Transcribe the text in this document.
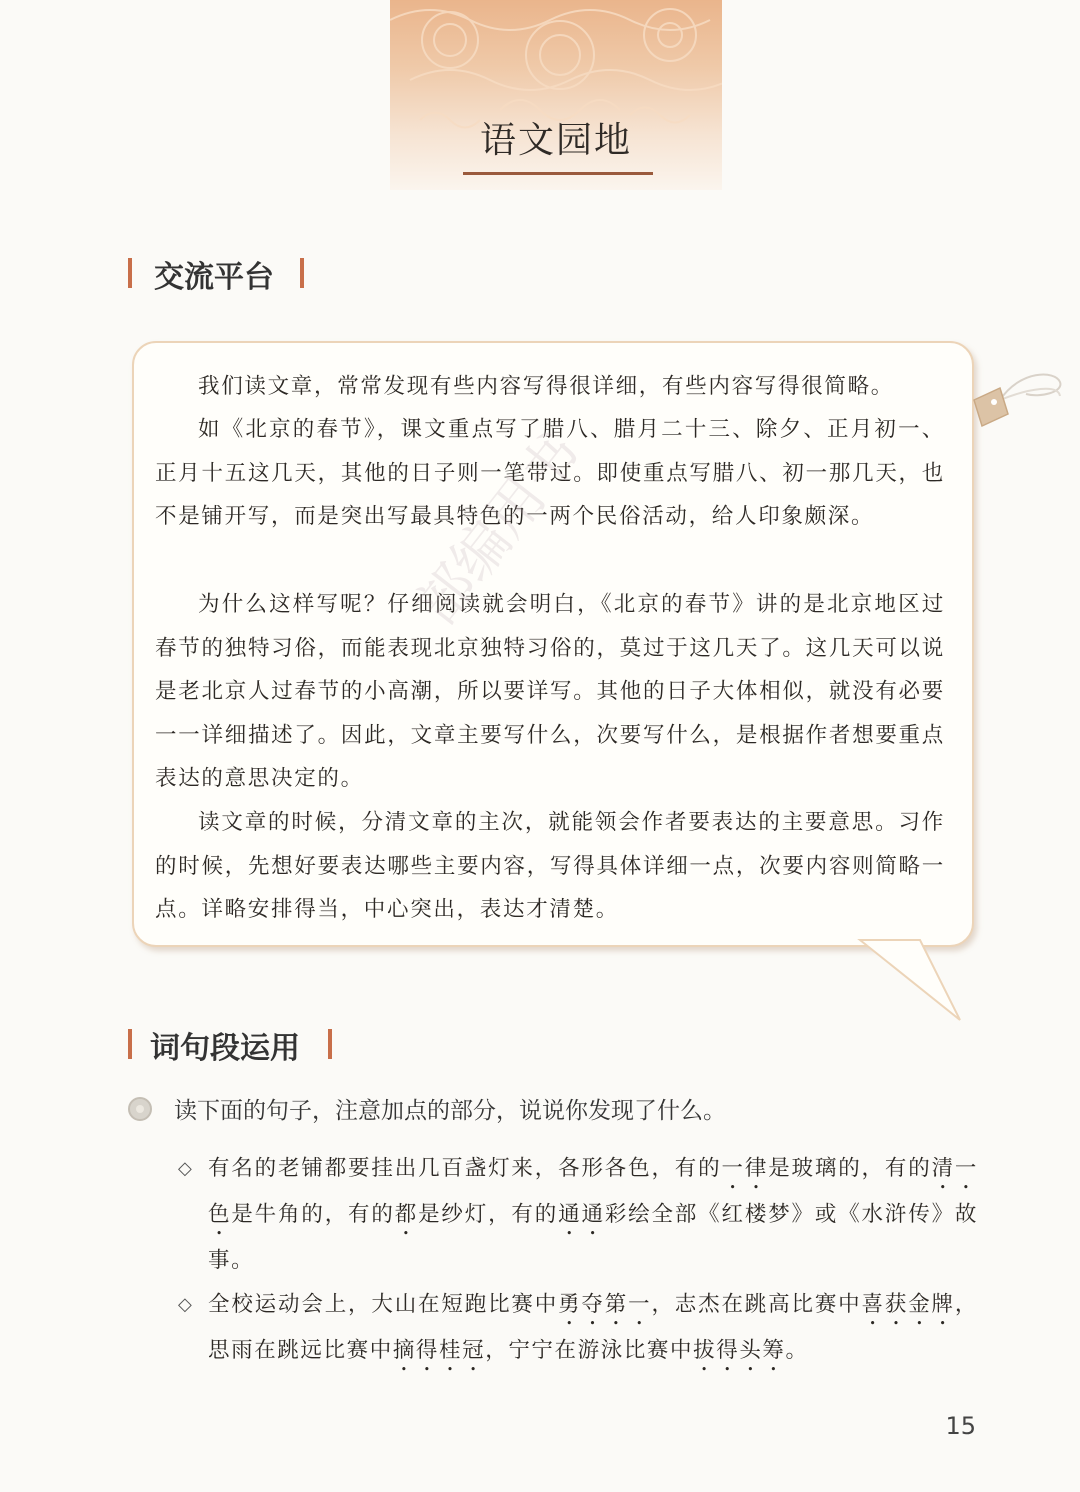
语文园地
交流平台

我们读文章，常常发现有些内容写得很详细，有些内容写得很简略。

如《北京的春节》，课文重点写了腊八、腊月二十三、除夕、正月初一、正月十五这几天，其他的日子则一笔带过。即使重点写腊八、初一那几天，也不是铺开写，而是突出写最具特色的一两个民俗活动，给人印象颇深。

为什么这样写呢？仔细阅读就会明白，《北京的春节》讲的是北京地区过春节的独特习俗，而能表现北京独特习俗的，莫过于这几天了。这几天可以说是老北京人过春节的小高潮，所以要详写。其他的日子大体相似，就没有必要一一详细描述了。因此，文章主要写什么，次要写什么，是根据作者想要重点表达的意思决定的。

读文章的时候，分清文章的主次，就能领会作者要表达的主要意思。习作的时候，先想好要表达哪些主要内容，写得具体详细一点，次要内容则简略一点。详略安排得当，中心突出，表达才清楚。

部编用书
词句段运用
读下面的句子，注意加点的部分，说说你发现了什么。

◇ 有名的老铺都要挂出几百盏灯来，各形各色，有的一律是玻璃的，有的清一色是牛角的，有的都是纱灯，有的通通彩绘全部《红楼梦》或《水浒传》故事。

◇ 全校运动会上，大山在短跑比赛中勇夺第一，志杰在跳高比赛中喜获金牌，思雨在跳远比赛中摘得桂冠，宁宁在游泳比赛中拔得头筹。

15
